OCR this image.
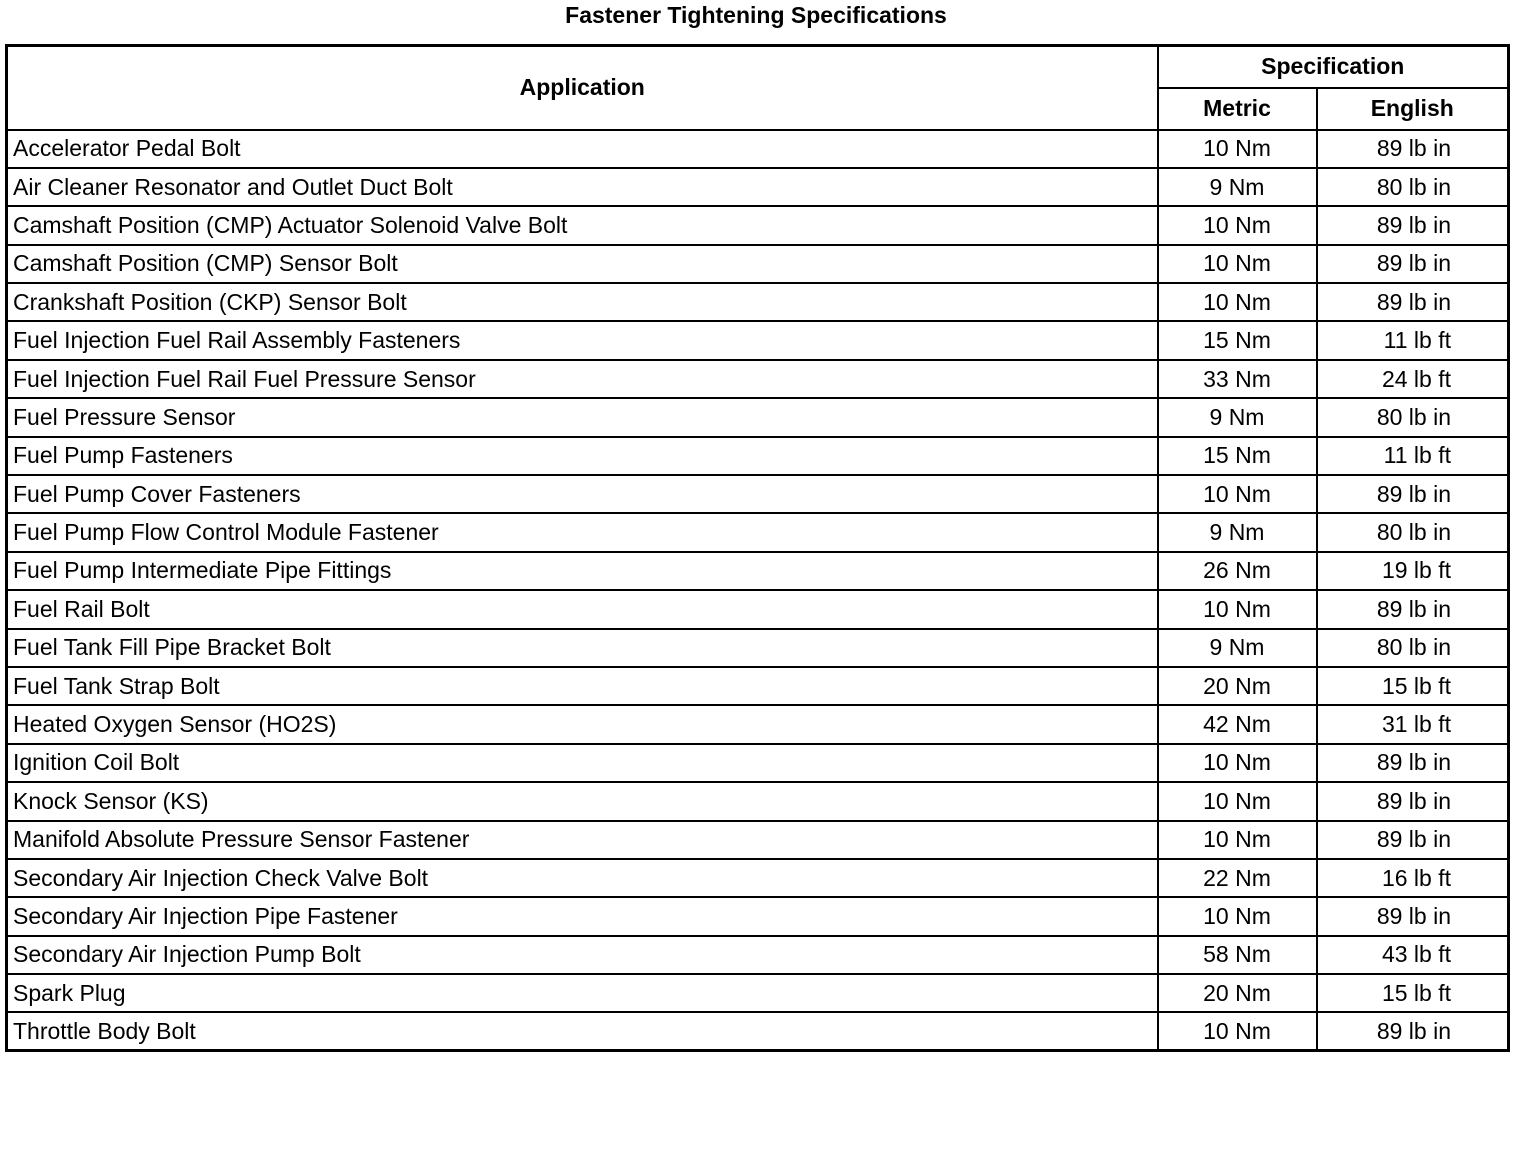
Fastener Tightening Specifications
Application	Specification	
	Metric	English
Accelerator Pedal Bolt	10 Nm	89 lb in
Air Cleaner Resonator and Outlet Duct Bolt	9 Nm	80 lb in
Camshaft Position (CMP) Actuator Solenoid Valve Bolt	10 Nm	89 lb in
Camshaft Position (CMP) Sensor Bolt	10 Nm	89 lb in
Crankshaft Position (CKP) Sensor Bolt	10 Nm	89 lb in
Fuel Injection Fuel Rail Assembly Fasteners	15 Nm	11 lb ft
Fuel Injection Fuel Rail Fuel Pressure Sensor	33 Nm	24 lb ft
Fuel Pressure Sensor	9 Nm	80 lb in
Fuel Pump Fasteners	15 Nm	11 lb ft
Fuel Pump Cover Fasteners	10 Nm	89 lb in
Fuel Pump Flow Control Module Fastener	9 Nm	80 lb in
Fuel Pump Intermediate Pipe Fittings	26 Nm	19 lb ft
Fuel Rail Bolt	10 Nm	89 lb in
Fuel Tank Fill Pipe Bracket Bolt	9 Nm	80 lb in
Fuel Tank Strap Bolt	20 Nm	15 lb ft
Heated Oxygen Sensor (HO2S)	42 Nm	31 lb ft
Ignition Coil Bolt	10 Nm	89 lb in
Knock Sensor (KS)	10 Nm	89 lb in
Manifold Absolute Pressure Sensor Fastener	10 Nm	89 lb in
Secondary Air Injection Check Valve Bolt	22 Nm	16 lb ft
Secondary Air Injection Pipe Fastener	10 Nm	89 lb in
Secondary Air Injection Pump Bolt	58 Nm	43 lb ft
Spark Plug	20 Nm	15 lb ft
Throttle Body Bolt	10 Nm	89 lb in
